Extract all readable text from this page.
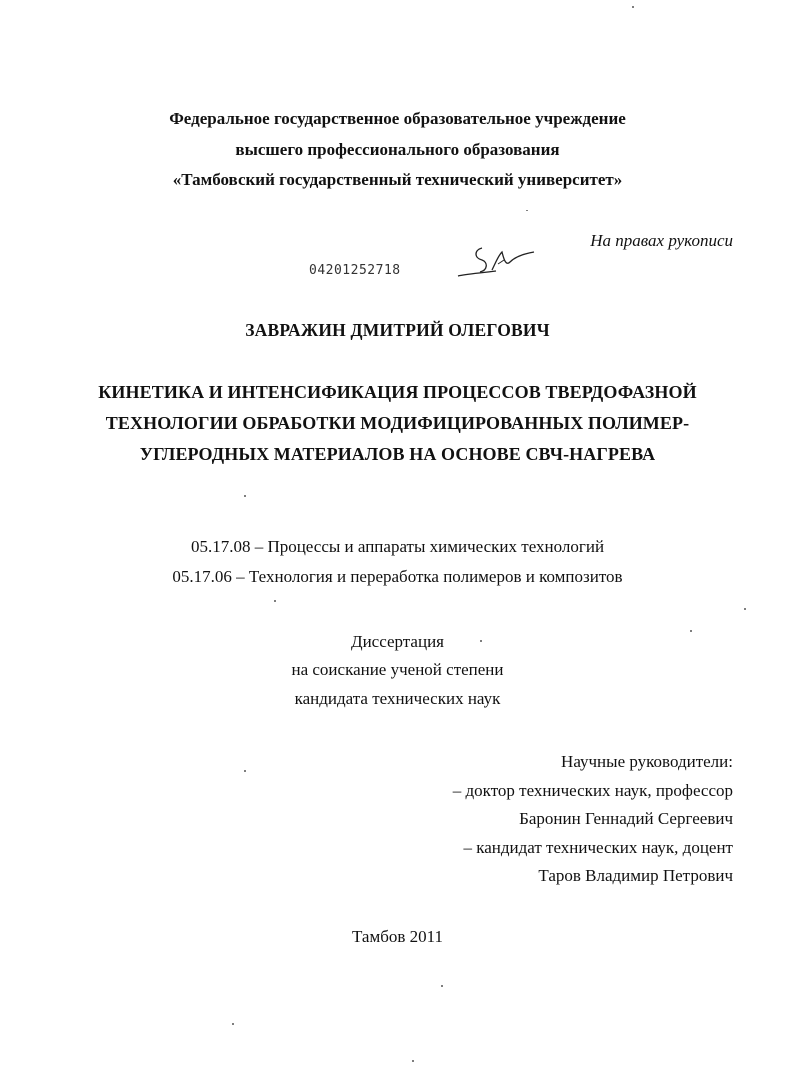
Федеральное государственное образовательное учреждение
высшего профессионального образования
«Тамбовский государственный технический университет»
На правах рукописи
04201252718
ЗАВРАЖИН ДМИТРИЙ ОЛЕГОВИЧ
КИНЕТИКА И ИНТЕНСИФИКАЦИЯ ПРОЦЕССОВ ТВЕРДОФАЗНОЙ
ТЕХНОЛОГИИ ОБРАБОТКИ МОДИФИЦИРОВАННЫХ ПОЛИМЕР-
УГЛЕРОДНЫХ МАТЕРИАЛОВ НА ОСНОВЕ СВЧ-НАГРЕВА
05.17.08 – Процессы и аппараты химических технологий
05.17.06 – Технология и переработка полимеров и композитов
Диссертация
на соискание ученой степени
кандидата технических наук
Научные руководители:
– доктор технических наук, профессор
Баронин Геннадий Сергеевич
– кандидат технических наук, доцент
Таров Владимир Петрович
Тамбов 2011
